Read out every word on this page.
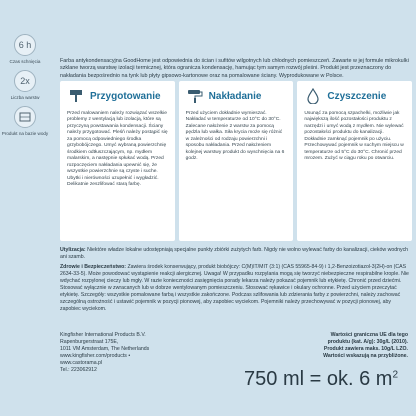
6 h
Czas schnięcia
2x
Liczba warstw
Produkt na bazie wody
Farba antykondensacyjna GoodHome jest odpowiednia do ścian i sufitów wilgotnych lub chłodnych pomieszczeń. Zawarte w jej formule mikrokulki szklane tworzą warstwę izolacji termicznej, która ogranicza kondensację, hamując tym samym rozwój pleśni. Produkt jest przeznaczony do nakładania bezpośrednio na tynk lub płyty gipsowo-kartonowe oraz na pomalowane ściany. Wyprodukowane w Polsce.
Przygotowanie
Przed malowaniem należy rozwiązać wszelkie problemy z wentylacją lub izolacją, które są przyczyną powstawania kondensacji. Ściany należy przygotować. Pleśń należy postąpić się za pomocą odpowiedniego środka grzybobójczego. Umyć wybraną powierzchnię środkiem odtłuszczającym, np. mydłem malarskim, a następnie spłukać wodą. Przed rozpoczęciem nakładania upewnić się, że wszystkie powierzchnie są czyste i suche. Ubytki i nierówności uzupełnić i wygładzić. Delikatnie zeszlifować starą farbę.
Nakładanie
Przed użyciem dokładnie wymieszać. Nakładać w temperaturze od 10°C do 30°C. Zalecane nałożenie 2 warstw za pomocą pędzla lub wałka. Siła krycia może się różnić w zależności od rodzaju powierzchni i sposobu nakładania. Przed nałożeniem kolejnej warstwy produkt do wyschnięcia na 6 godz.
Czyszczenie
Usunąć za pomocą szpachelki, możliwie jak największą ilość pozostałości produktu z narzędzi i umyć wodą z mydłem. Nie wylewać pozostałości produktu do kanalizacji. Dokładnie zamknąć pojemnik po użyciu. Przechowywać pojemnik w suchym miejscu w temperaturze od 5°C do 30°C. Chronić przed mrozem. Zużyć w ciągu roku po otwarciu.
Utylizacja: Niektóre władze lokalne udostępniają specjalne punkty zbiórki zużytych farb. Nigdy nie wolno wylewać farby do kanalizacji, cieków wodnych ani szamb.
Zdrowie i Bezpieczeństwo: Zawiera środek konserwujący, produkt biobójczy: C(M)IT/MIT (3:1) (CAS 55965-84-9) i 1,2-Benzoizotiazol-3(2H)-on (CAS 2634-33-5). Może powodować wystąpienie reakcji alergicznej. Uwaga! W przypadku rozpylania mogą się tworzyć niebezpieczne respirabilne krople. Nie wdychać rozpylonej cieczy lub mgły. W razie konieczności zasięgnięcia porady lekarza należy pokazać pojemnik lub etykietę. Chronić przed dziećmi. Stosować wyłącznie w zwracanych lub w dobrze wentylowanym pomieszczeniu. Stosować rękawice i okulary ochronne. Przed użyciem przeczytać etykietę. Szczegóły: wszystkie pomalowane farbą i wszystkie zakończone. Podczas szlifowania lub zdzierania farby z powierzchni, należy zachować szczególną ostrożność i ustawić pojemnik w pozycji pionowej, aby zapobiec wyciekom. Pojemniki należy przechowywać w pozycji pionowej, aby zapobiec wyciekom.
Kingfisher International Products B.V.
Rapenburgerstraat 175E,
1011 VM Amsterdam, The Netherlands
www.kingfisher.com/products •
www.castorama.pl
Tel.: 223062912
Wartości graniczna UE dla tego
produktu (kat. A/g): 30g/L (2010).
Produkt zawiera maks. 10g/L LZO.
Wartości wskazują na przybliżone.
750 ml = ok. 6 $m^2$
